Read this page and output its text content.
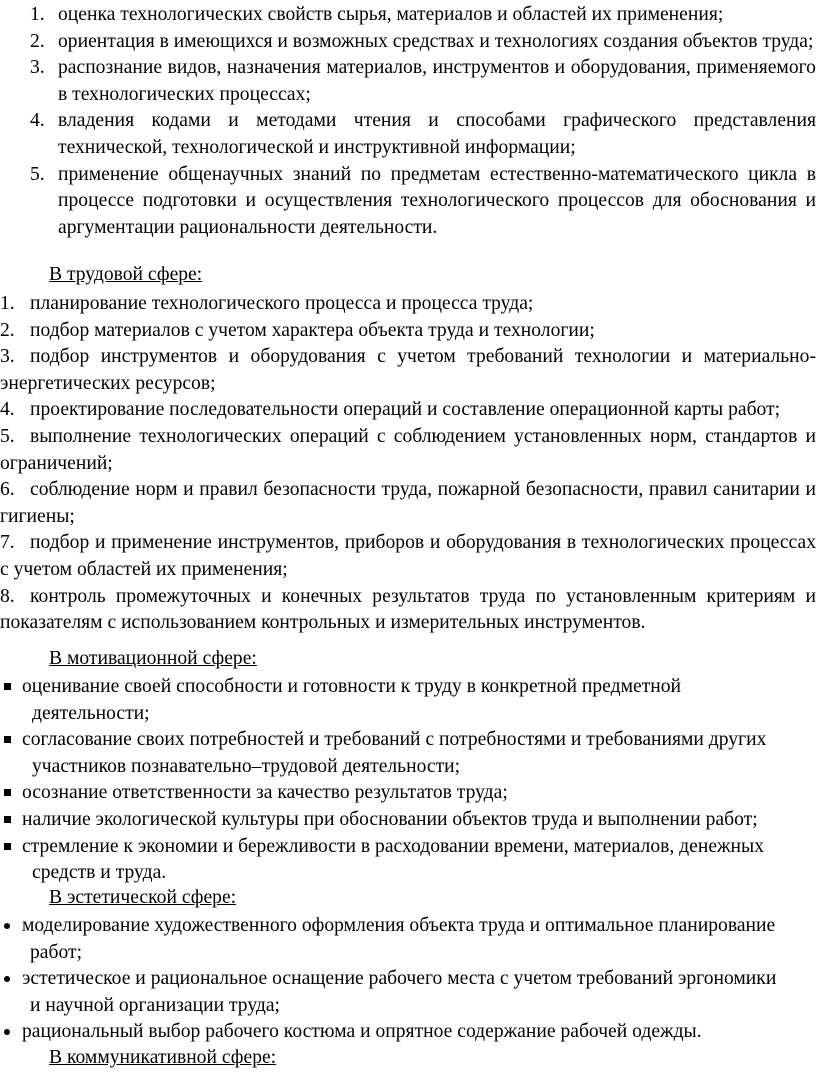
1. оценка технологических свойств сырья, материалов и областей их применения;
2. ориентация в имеющихся и возможных средствах и технологиях создания объектов труда;
3. распознание видов, назначения материалов, инструментов и оборудования, применяемого в технологических процессах;
4. владения кодами и методами чтения и способами графического представления технической, технологической и инструктивной информации;
5. применение общенаучных знаний по предметам естественно-математического цикла в процессе подготовки и осуществления технологического процессов для обоснования и аргументации рациональности деятельности.
В трудовой сфере:
1. планирование технологического процесса и процесса труда;
2. подбор материалов с учетом характера объекта труда и технологии;
3. подбор инструментов и оборудования с учетом требований технологии и материально- энергетических ресурсов;
4. проектирование последовательности операций и составление операционной карты работ;
5. выполнение технологических операций с соблюдением установленных норм, стандартов и ограничений;
6. соблюдение норм и правил безопасности труда, пожарной безопасности, правил санитарии и гигиены;
7. подбор и применение инструментов, приборов и оборудования в технологических процессах с учетом областей их применения;
8. контроль промежуточных и конечных результатов труда по установленным критериям и показателям с использованием контрольных и измерительных инструментов.
В мотивационной сфере:
оценивание своей способности и готовности к труду в конкретной предметной
деятельности;
согласование своих потребностей и требований с потребностями и требованиями других
участников познавательно–трудовой деятельности;
осознание ответственности за качество результатов труда;
наличие экологической культуры при обосновании объектов труда и выполнении работ;
стремление к экономии и бережливости в расходовании времени, материалов, денежных
средств и труда.
В эстетической сфере:
моделирование художественного оформления объекта труда и оптимальное планирование
работ;
эстетическое и рациональное оснащение рабочего места с учетом требований эргономики
и научной организации труда;
рациональный выбор рабочего костюма и опрятное содержание рабочей одежды.
В коммуникативной сфере:
